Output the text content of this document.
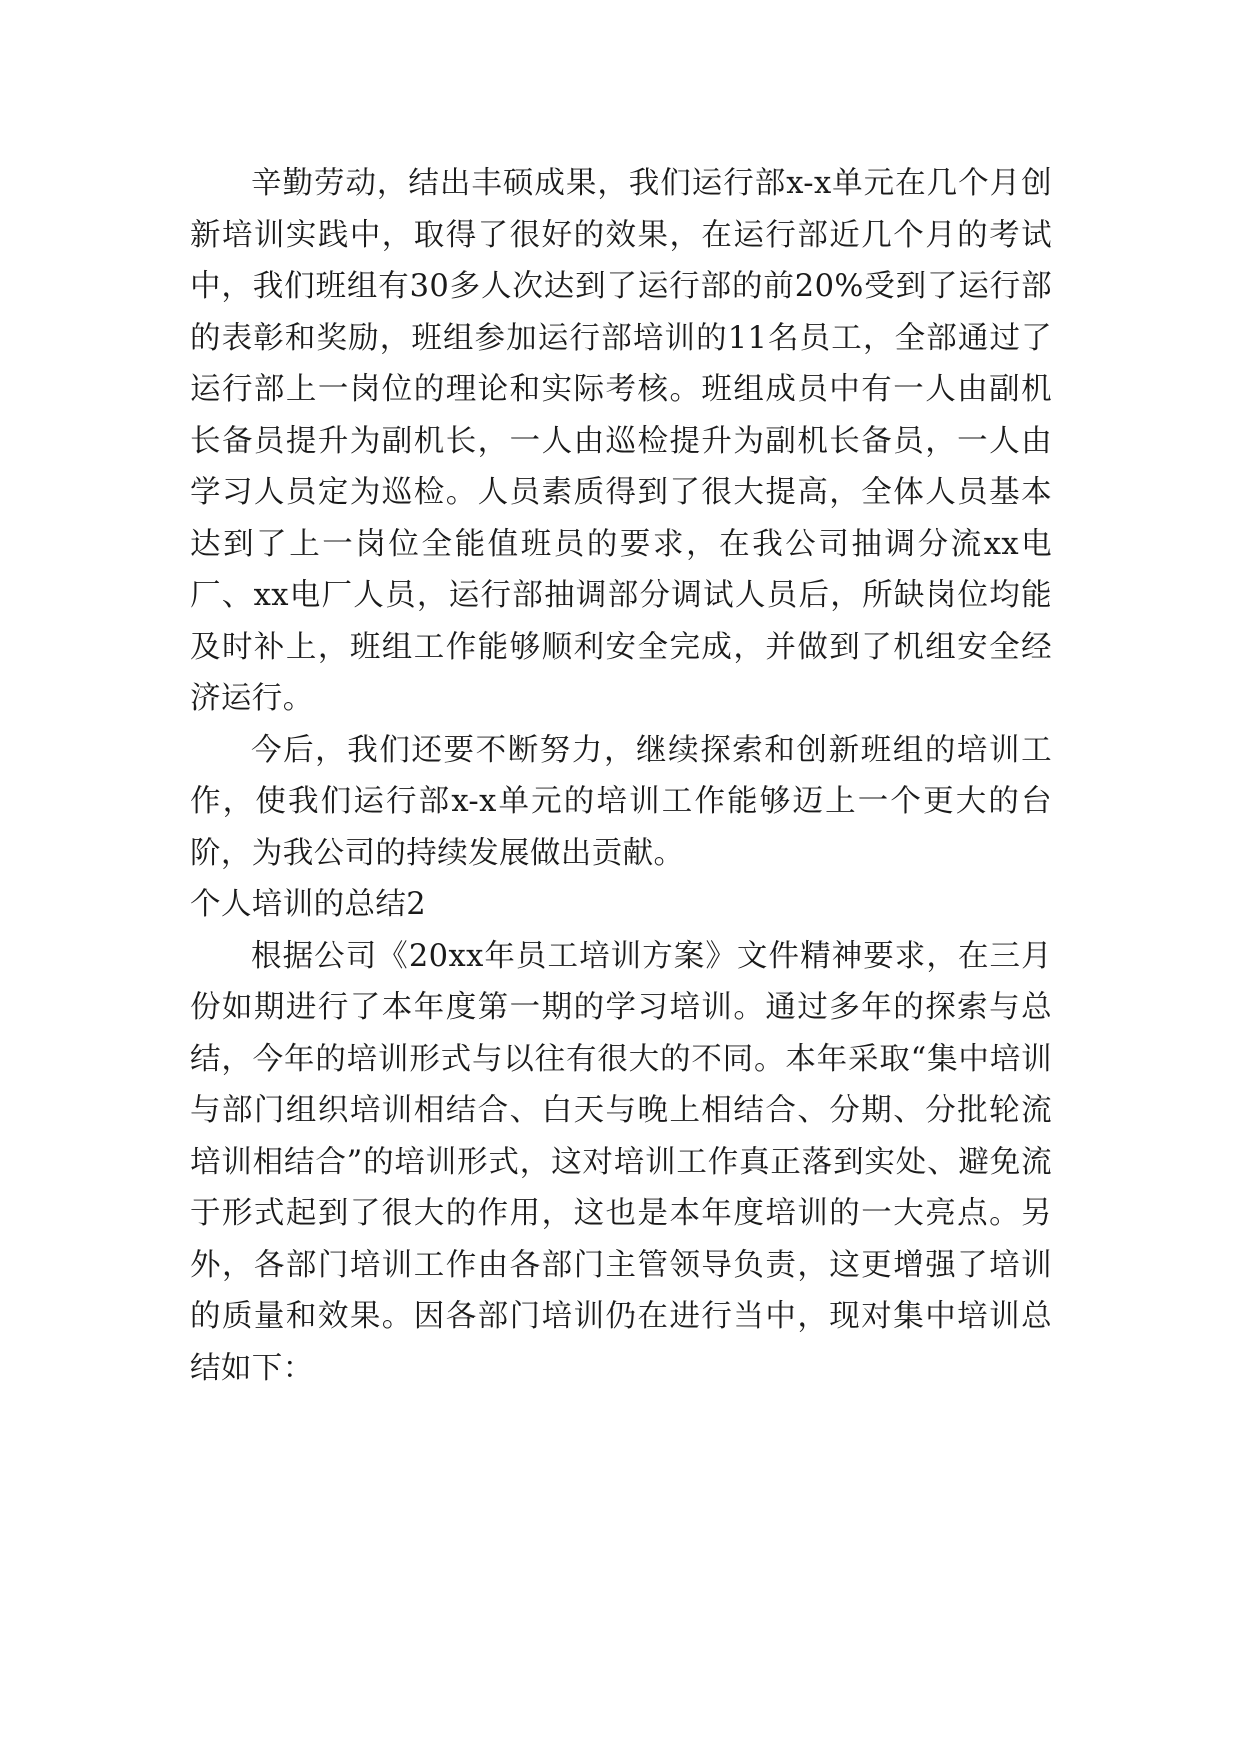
辛勤劳动，结出丰硕成果，我们运行部x-x单元在几个月创新培训实践中，取得了很好的效果，在运行部近几个月的考试中，我们班组有30多人次达到了运行部的前20%受到了运行部的表彰和奖励，班组参加运行部培训的11名员工，全部通过了运行部上一岗位的理论和实际考核。班组成员中有一人由副机长备员提升为副机长，一人由巡检提升为副机长备员，一人由学习人员定为巡检。人员素质得到了很大提高，全体人员基本达到了上一岗位全能值班员的要求，在我公司抽调分流xx电厂、xx电厂人员，运行部抽调部分调试人员后，所缺岗位均能及时补上，班组工作能够顺利安全完成，并做到了机组安全经济运行。

今后，我们还要不断努力，继续探索和创新班组的培训工作，使我们运行部x-x单元的培训工作能够迈上一个更大的台阶，为我公司的持续发展做出贡献。

个人培训的总结2

根据公司《20xx年员工培训方案》文件精神要求，在三月份如期进行了本年度第一期的学习培训。通过多年的探索与总结，今年的培训形式与以往有很大的不同。本年采取“集中培训与部门组织培训相结合、白天与晚上相结合、分期、分批轮流培训相结合”的培训形式，这对培训工作真正落到实处、避免流于形式起到了很大的作用，这也是本年度培训的一大亮点。另外，各部门培训工作由各部门主管领导负责，这更增强了培训的质量和效果。因各部门培训仍在进行当中，现对集中培训总结如下：
